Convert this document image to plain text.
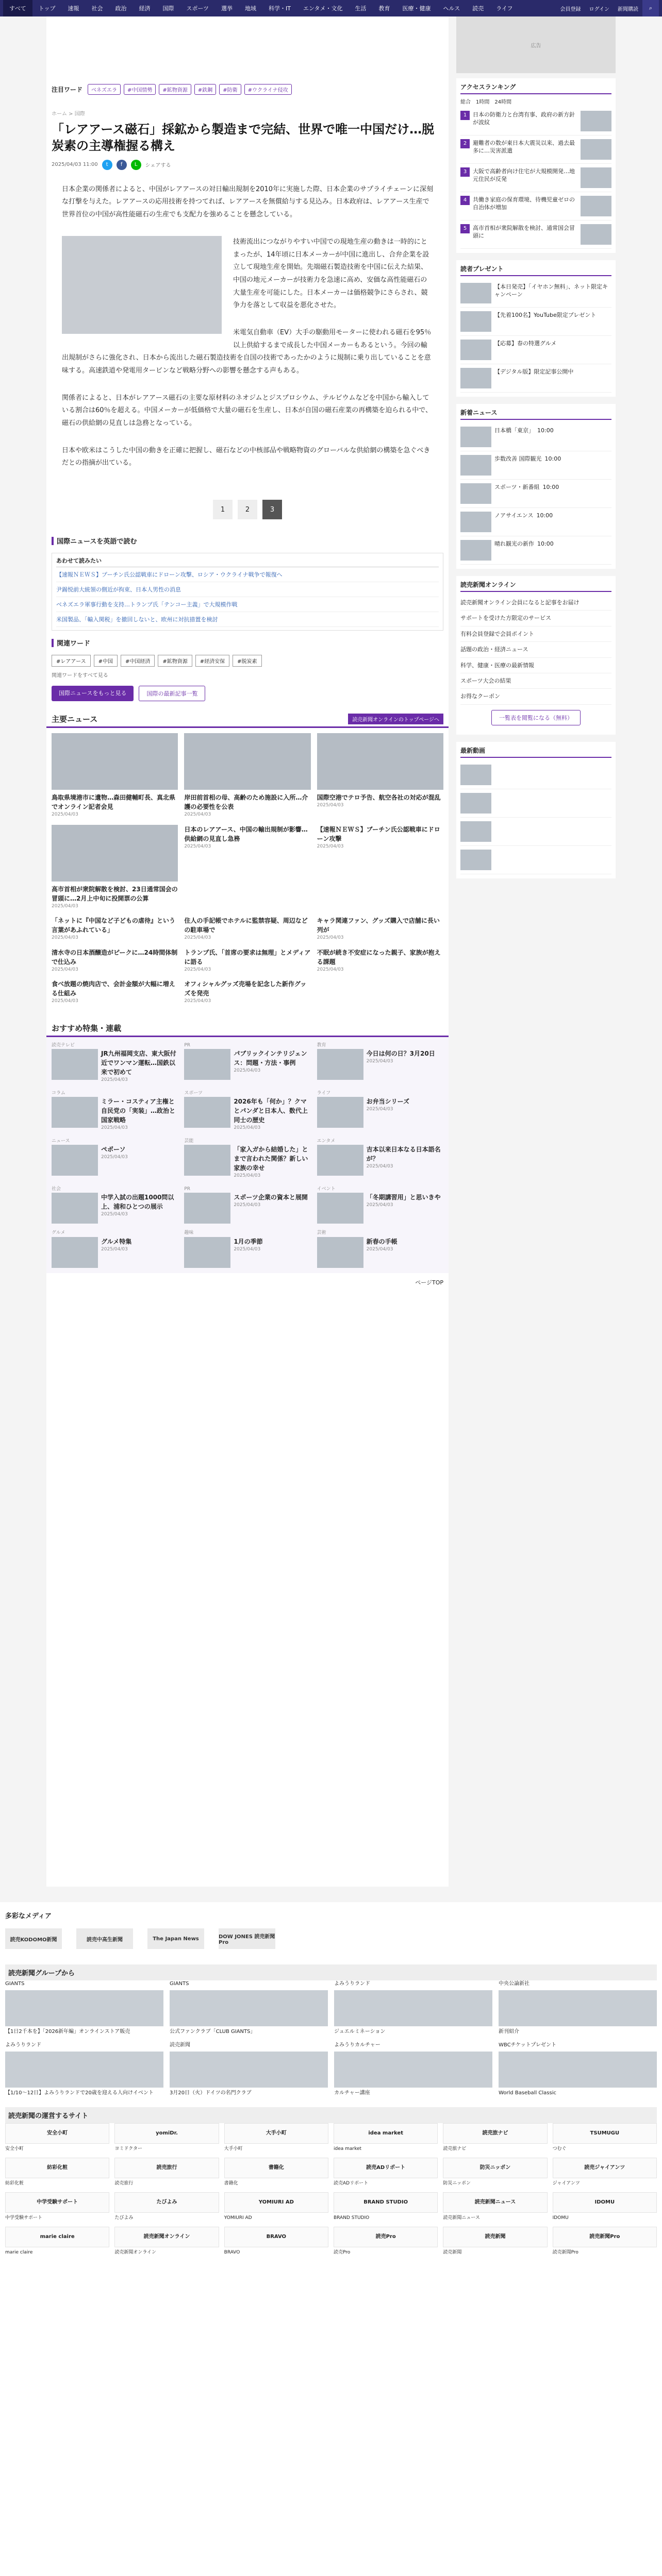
すべて	トップ	速報	社会	政治	経済	国際	スポーツ	選挙	地域	科学・IT	エンタメ・文化	生活	教育	医療・健康	ヘルス	読売	ライフ	会員登録	ログイン	新聞購読	⌕
注目ワード	ベネズエラ	#中国情勢	#鉱物資源	#鉄鋼	#防衛	#ウクライナ侵攻
ホーム > 国際
「レアアース磁石」採鉱から製造まで完結、世界で唯一中国だけ…脱炭素の主導権握る構え
2025/04/03 11:00	t	f	L	シェアする

日本企業の関係者によると、中国がレアアースの対日輸出規制を2010年に実施した際、日本企業のサプライチェーンに深刻な打撃を与えた。レアアースの応用技術を持つてれば、レアアースを無償給与する見込み。日本政府は、レアアース生産で世界首位の中国が高性能磁石の生産でも支配力を強めることを懸念している。

技術流出につながりやすい中国での現地生産の動きは一時的にとまったが、14年頃に日本メーカーが中国に進出し、合弁企業を設立して現地生産を開始。先端磁石製造技術を中国に伝えた結果、中国の地元メーカーが技術力を急速に高め、安価な高性能磁石の大量生産を可能にした。日本メーカーは価格競争にさらされ、競争力を落として収益を悪化させた。

米電気自動車（EV）大手の駆動用モーターに使われる磁石を95％以上供給するまで成長した中国メーカーもあるという。今回の輸出規制がさらに強化され、日本から流出した磁石製造技術を自国の技術であったかのように規制に乗り出していることを意味する。高速鉄道や発電用タービンなど戦略分野への影響を懸念する声もある。

関係者によると、日本がレアアース磁石の主要な原材料のネオジムとジスプロシウム、テルビウムなどを中国から輸入している割合は60％を超える。中国メーカーが低価格で大量の磁石を生産し、日本が自国の磁石産業の再構築を迫られる中で、磁石の供給網の見直しは急務となっている。

日本や欧米はこうした中国の動きを正確に把握し、磁石などの中核部品や戦略物資のグローバルな供給網の構築を急ぐべきだとの指摘が出ている。

1	2	3
国際ニュースを英語で読む
あわせて読みたい
【速報ＮＥＷＳ】プーチン氏公認戦車にドローン攻撃、ロシア・ウクライナ戦争で報復へ
尹錫悦前大統領の側近が拘束、日本人男性の消息
ベネズエラ軍事行動を支持…トランプ氏「テンコー主義」で大規模作戦
米国製品、「輸入関税」を撤回しないと、欧州に対抗措置を検討
関連ワード
#レアアース	#中国	#中国経済	#鉱物資源	#経済安保	#脱炭素
関連ワードをすべて見る
国際ニュースをもっと見る	国際の最新記事一覧
主要ニュース	読売新聞オンラインのトップページへ
鳥取県境港市に遺物…森田健輔町長、真北県でオンライン記者会見
2025/04/03
岸田前首相の母、高齢のため施設に入所…介護の必要性を公表
2025/04/03
国際空港でテロ予告、航空各社の対応が混乱
2025/04/03
高市首相が衆院解散を検討、23日通常国会の冒頭に…2月上中旬に投開票の公算
2025/04/03
日本のレアアース、中国の輸出規制が影響…供給網の見直し急務
2025/04/03
【速報ＮＥＷＳ】ブーチン氏公認戦車にドローン攻撃
2025/04/03
「ネットに『中国など子どもの虐待』という言葉があふれている」
2025/04/03
住人の手記帳でホテルに監禁容疑、周辺などの駐車場で
2025/04/03
キャラ関連ファン、グッズ購入で店舗に長い列が
2025/04/03
清水寺の日本酒醸造がピークに…24時間体制で仕込み
2025/04/03
トランプ氏、「首席の要求は無理」とメディアに語る
2025/04/03
不眠が続き不安症になった親子、家族が抱える課題
2025/04/03
食べ放題の焼肉店で、会計金額が大幅に増える仕組み
2025/04/03
オフィシャルグッズ売場を記念した新作グッズを発売
2025/04/03
おすすめ特集・連載
読売テレビ
JR九州福岡支店、東大阪付近でワンマン運転…国鉄以来で初めて
2025/04/03
PR
パブリックインテリジェンス：問題・方法・事例
2025/04/03
教育
今日は何の日？3月20日
2025/04/03
コラム
ミラー・コスティア主権と自民党の「実装」…政治と国家戦略
2025/04/03
スポーツ
2026年も「何か」？クマとパンダと日本人、数代上同士の歴史
2025/04/03
ライフ
お弁当シリーズ
2025/04/03
ニュース
ペポーソ
2025/04/03
芸能
「家入ガから結婚した」とまで言われた関係？新しい家族の幸せ
2025/04/03
エンタメ
吉本以来日本なる日本語名が？
2025/04/03
社会
中学入試の出題1000問以上、浦和ひとつの展示
2025/04/03
PR
スポーツ企業の資本と展開
2025/04/03
イベント
「冬期講習用」と思いきや
2025/04/03
グルメ
グルメ特集
2025/04/03
趣味
1月の季節
2025/04/03
芸術
新春の手帳
2025/04/03
ページTOP
広告
アクセスランキング
総合 1時間 24時間
1	日本の防衛力と台湾有事、政府の新方針が波紋
2	避難者の数が東日本大震災以来、過去最多に…災害派遣
3	大阪で高齢者向け住宅が大規模開発…地元住民が反発
4	共働き家庭の保育環境、待機児童ゼロの自治体が増加
5	高市首相が衆院解散を検討、通常国会冒頭に
読者プレゼント
【本日発売】「イヤホン無料」、ネット限定キャンペーン
【先着100名】YouTube限定プレゼント
【応募】春の特選グルメ
【デジタル版】限定記事公開中
新着ニュース
日本橋「東京」 10:00
歩数改善 国際観光 10:00
スポーツ・新番組 10:00
ノアサイエンス 10:00
晴れ観光の新作 10:00
読売新聞オンライン
読売新聞オンライン会員になると記事をお届け
サポートを受けた方限定のサービス
有料会員登録で会員ポイント
話題の政治・経済ニュース
科学、健康・医療の最新情報
スポーツ大会の結果
お得なクーポン
一覧表を閲覧になる（無料）
最新動画
多彩なメディア
読売KODOMO新聞	読売中高生新聞	The Japan News	DOW JONES 読売新聞Pro
読売新聞グループから
GIANTS
【1日2千本を】「2026新年編」オンラインストア販売
GIANTS
公式ファンクラブ「CLUB GIANTS」
よみうりランド
ジュエルミネーション
中央公論新社
新刊紹介
よみうりランド
【1/10〜12日】よみうりランドで20歳を迎える人向けイベント
読売新聞
3月20日（火）ドイツの名門クラブ
よみうりカルチャー
カルチャー講座
WBCチケットプレゼント
World Baseball Classic
読売新聞の運営するサイト
安全小町
安全小町
yomiDr.
ヨミドクター
大手小町
大手小町
idea market
idea market
読売旅ナビ
読売旅ナビ
TSUMUGU
つむぐ
紡彩化粧
紡彩化粧
読売旅行
読売旅行
書籍化
書籍化
読売ADリポート
読売ADリポート
防災ニッポン
防災ニッポン
読売ジャイアンツ
ジャイアンツ
中学受験サポート
中学受験サポート
たびよみ
たびよみ
YOMIURI AD
YOMIURI AD
BRAND STUDIO
BRAND STUDIO
読売新聞ニュース
読売新聞ニュース
IDOMU
IDOMU
marie claire
marie claire
読売新聞オンライン
読売新聞オンライン
BRAVO
BRAVO
読売Pro
読売Pro
読売新聞
読売新聞
読売新聞Pro
読売新聞Pro
